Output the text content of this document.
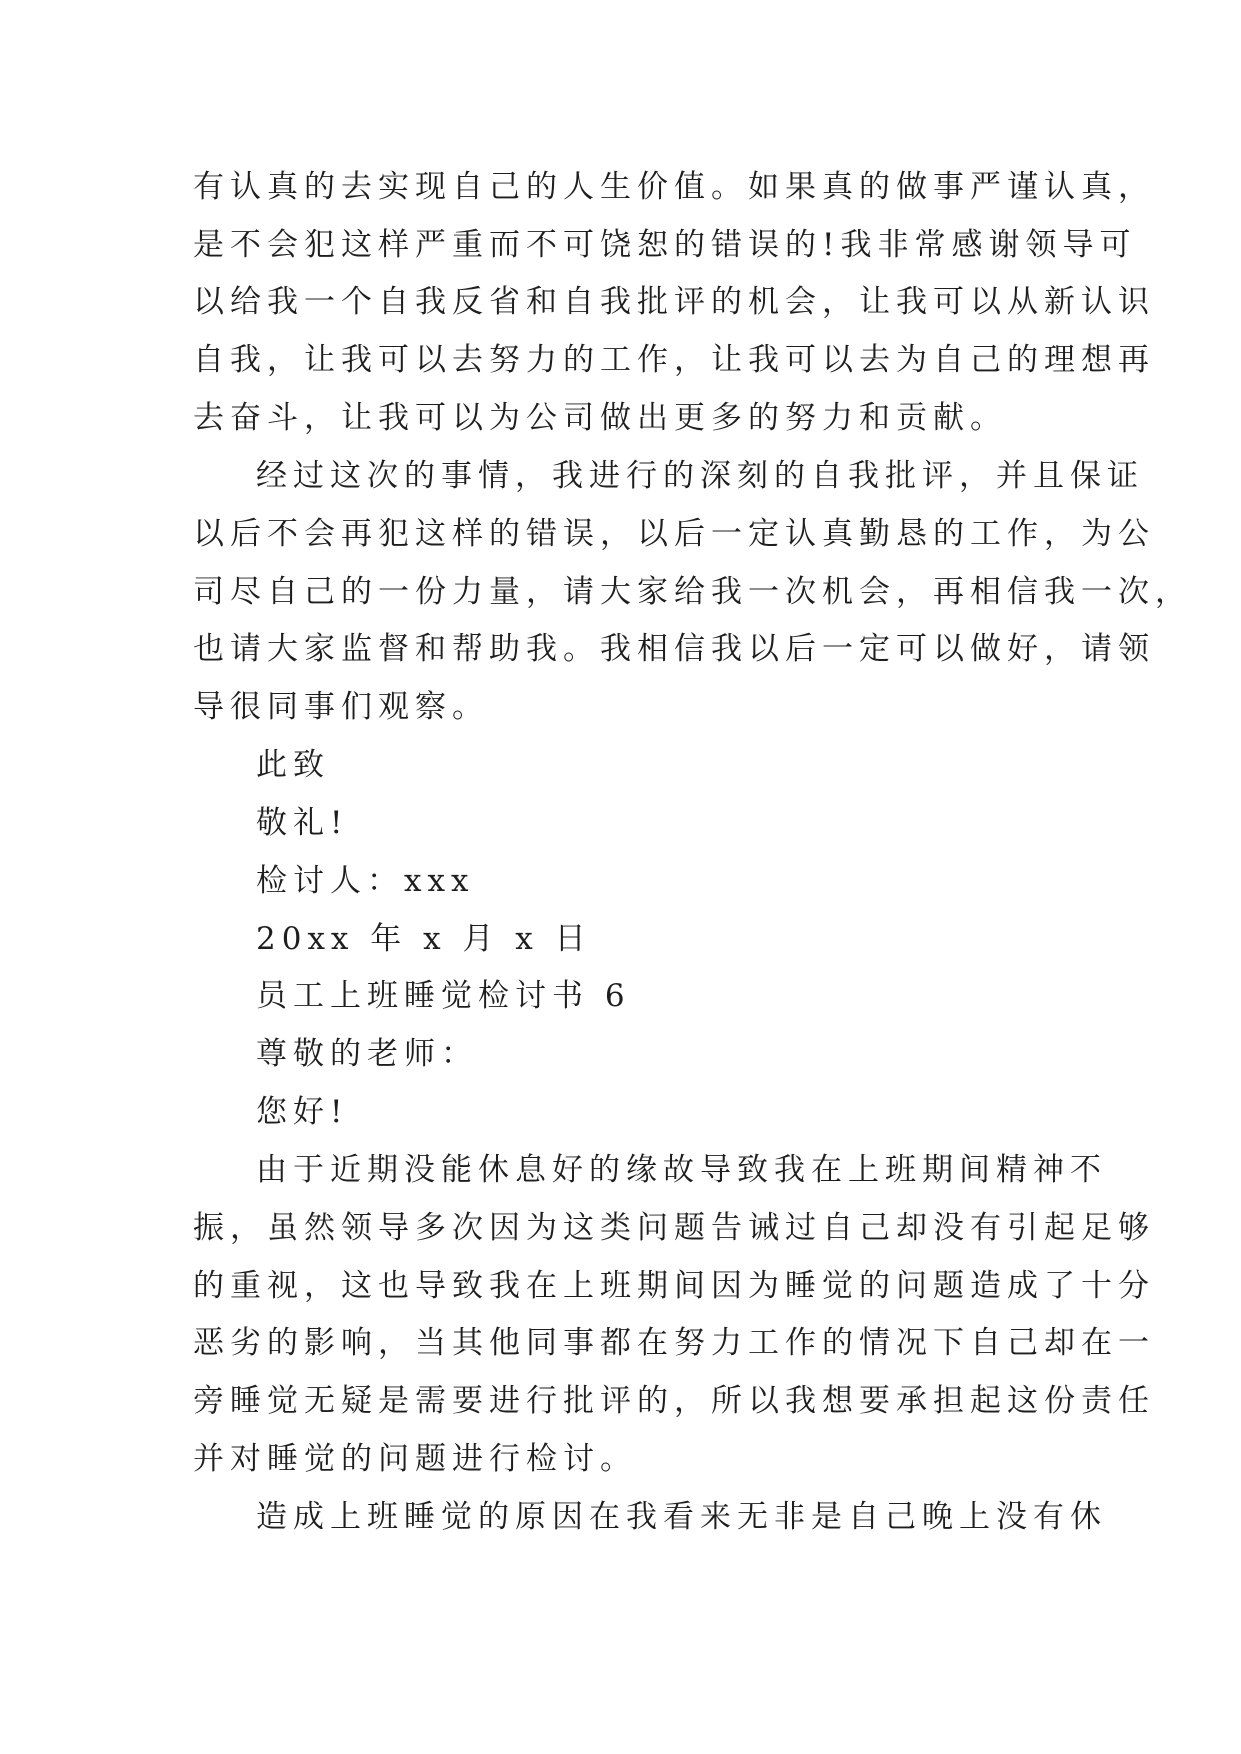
有认真的去实现自己的人生价值。如果真的做事严谨认真，

是不会犯这样严重而不可饶恕的错误的!我非常感谢领导可

以给我一个自我反省和自我批评的机会，让我可以从新认识

自我，让我可以去努力的工作，让我可以去为自己的理想再

去奋斗，让我可以为公司做出更多的努力和贡献。

经过这次的事情，我进行的深刻的自我批评，并且保证

以后不会再犯这样的错误，以后一定认真勤恳的工作，为公

司尽自己的一份力量，请大家给我一次机会，再相信我一次，

也请大家监督和帮助我。我相信我以后一定可以做好，请领

导很同事们观察。

此致

敬礼!

检讨人：xxx

20xx 年 x 月 x 日

员工上班睡觉检讨书 6

尊敬的老师：

您好!

由于近期没能休息好的缘故导致我在上班期间精神不

振，虽然领导多次因为这类问题告诫过自己却没有引起足够

的重视，这也导致我在上班期间因为睡觉的问题造成了十分

恶劣的影响，当其他同事都在努力工作的情况下自己却在一

旁睡觉无疑是需要进行批评的，所以我想要承担起这份责任

并对睡觉的问题进行检讨。

造成上班睡觉的原因在我看来无非是自己晚上没有休
